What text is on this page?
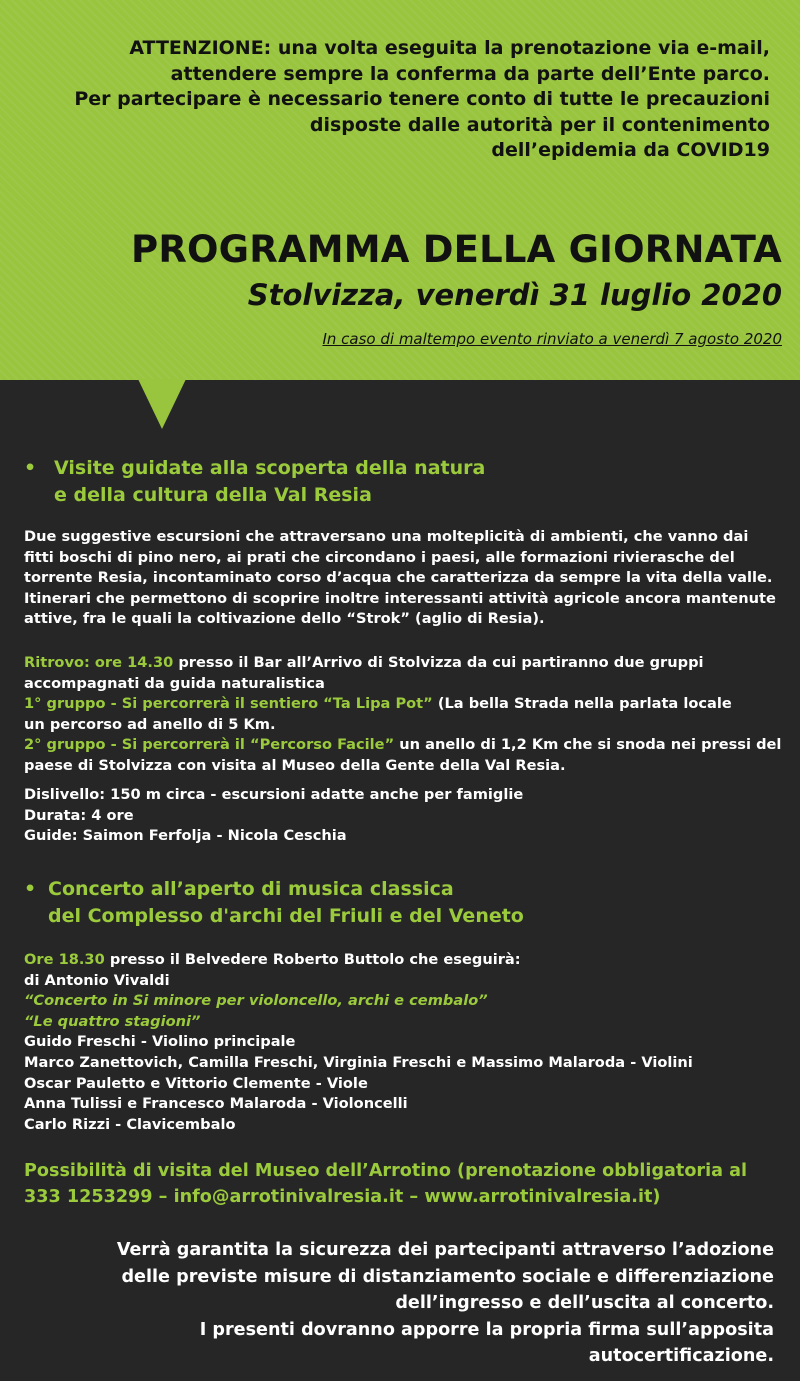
ATTENZIONE: una volta eseguita la prenotazione via e-mail,

attendere sempre la conferma da parte dell’Ente parco.

Per partecipare è necessario tenere conto di tutte le precauzioni

disposte dalle autorità per il contenimento

dell’epidemia da COVID19

PROGRAMMA DELLA GIORNATA
Stolvizza, venerdì 31 luglio 2020
In caso di maltempo evento rinviato a venerdì 7 agosto 2020
• Visite guidate alla scoperta della natura
e della cultura della Val Resia
Due suggestive escursioni che attraversano una molteplicità di ambienti, che vanno dai
fitti boschi di pino nero, ai prati che circondano i paesi, alle formazioni rivierasche del
torrente Resia, incontaminato corso d’acqua che caratterizza da sempre la vita della valle.
Itinerari che permettono di scoprire inoltre interessanti attività agricole ancora mantenute
attive, fra le quali la coltivazione dello “Strok” (aglio di Resia).
Ritrovo: ore 14.30 presso il Bar all’Arrivo di Stolvizza da cui partiranno due gruppi
accompagnati da guida naturalistica
1° gruppo - Si percorrerà il sentiero “Ta Lipa Pot” (La bella Strada nella parlata locale
un percorso ad anello di 5 Km.
2° gruppo - Si percorrerà il “Percorso Facile” un anello di 1,2 Km che si snoda nei pressi del
paese di Stolvizza con visita al Museo della Gente della Val Resia.
Dislivello: 150 m circa - escursioni adatte anche per famiglie
Durata: 4 ore
Guide: Saimon Ferfolja - Nicola Ceschia
• Concerto all’aperto di musica classica
del Complesso d'archi del Friuli e del Veneto
Ore 18.30 presso il Belvedere Roberto Buttolo che eseguirà:
di Antonio Vivaldi
“Concerto in Si minore per violoncello, archi e cembalo”
“Le quattro stagioni”
Guido Freschi - Violino principale
Marco Zanettovich, Camilla Freschi, Virginia Freschi e Massimo Malaroda - Violini
Oscar Pauletto e Vittorio Clemente - Viole
Anna Tulissi e Francesco Malaroda - Violoncelli
Carlo Rizzi - Clavicembalo
Possibilità di visita del Museo dell’Arrotino (prenotazione obbligatoria al
333 1253299 – info@arrotinivalresia.it – www.arrotinivalresia.it)

Verrà garantita la sicurezza dei partecipanti attraverso l’adozione

delle previste misure di distanziamento sociale e differenziazione

dell’ingresso e dell’uscita al concerto.

I presenti dovranno apporre la propria firma sull’apposita

autocertificazione.
